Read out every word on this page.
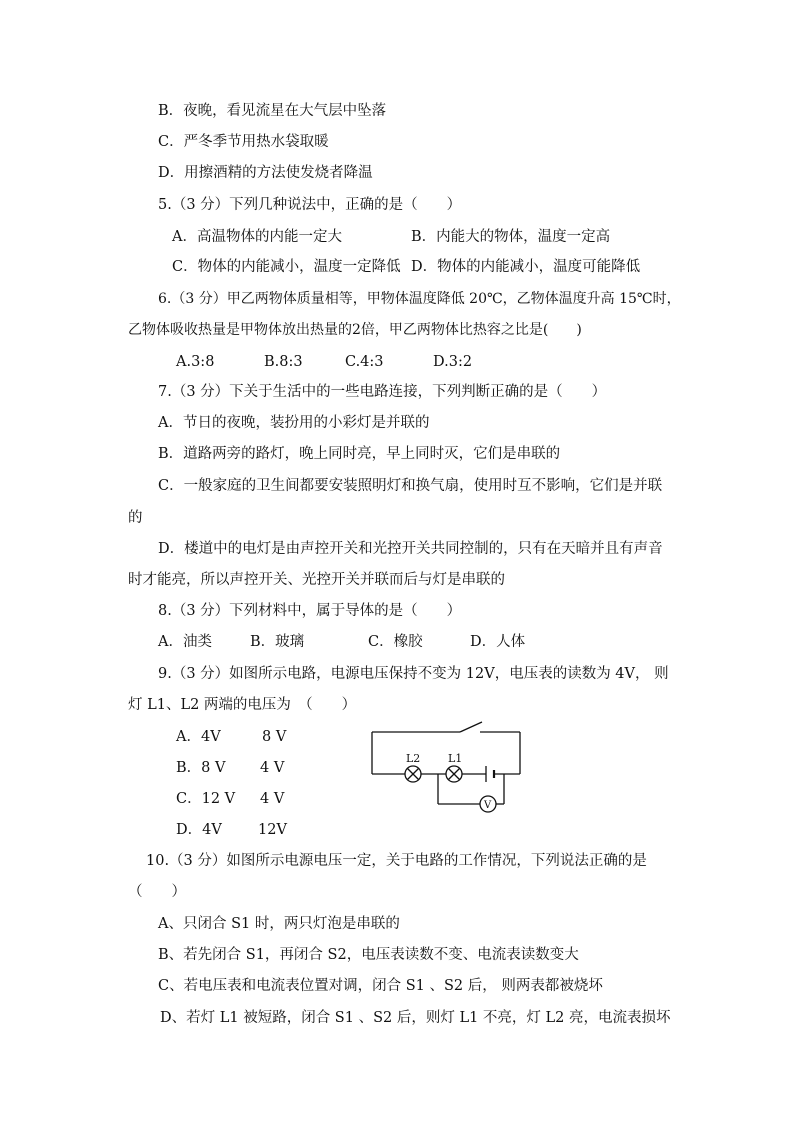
B．夜晚，看见流星在大气层中坠落
C．严冬季节用热水袋取暖
D．用擦酒精的方法使发烧者降温
5.（3 分）下列几种说法中，正确的是（　　）
A．高温物体的内能一定大	B．内能大的物体，温度一定高
C．物体的内能减小，温度一定降低 D．物体的内能减小，温度可能降低
6.（3 分）甲乙两物体质量相等，甲物体温度降低 20℃，乙物体温度升高 15℃时，
乙物体吸收热量是甲物体放出热量的2倍，甲乙两物体比热容之比是(　　)
A.3:8	B.8:3	C.4:3	D.3:2
7.（3 分）下关于生活中的一些电路连接，下列判断正确的是（　　）
A．节日的夜晚，装扮用的小彩灯是并联的
B．道路两旁的路灯，晚上同时亮，早上同时灭，它们是串联的
C．一般家庭的卫生间都要安装照明灯和换气扇，使用时互不影响，它们是并联
的
D．楼道中的电灯是由声控开关和光控开关共同控制的，只有在天暗并且有声音
时才能亮，所以声控开关、光控开关并联而后与灯是串联的
8.（3 分）下列材料中，属于导体的是（　　）
A．油类	B．玻璃	C．橡胶	D．人体
9.（3 分）如图所示电路，电源电压保持不变为 12V，电压表的读数为 4V， 则
灯 L1、L2 两端的电压为　（　　）
A．4V	8 V
B．8 V 4 V
C．12 V 4 V
D．4V 12V
L2	L1
V
10.（3 分）如图所示电源电压一定，关于电路的工作情况，下列说法正确的是
（　　）
A、只闭合 S1 时，两只灯泡是串联的
B、若先闭合 S1，再闭合 S2，电压表读数不变、电流表读数变大
C、若电压表和电流表位置对调，闭合 S1 、S2 后， 则两表都被烧坏
D、若灯 L1 被短路，闭合 S1 、S2 后，则灯 L1 不亮，灯 L2 亮，电流表损坏
